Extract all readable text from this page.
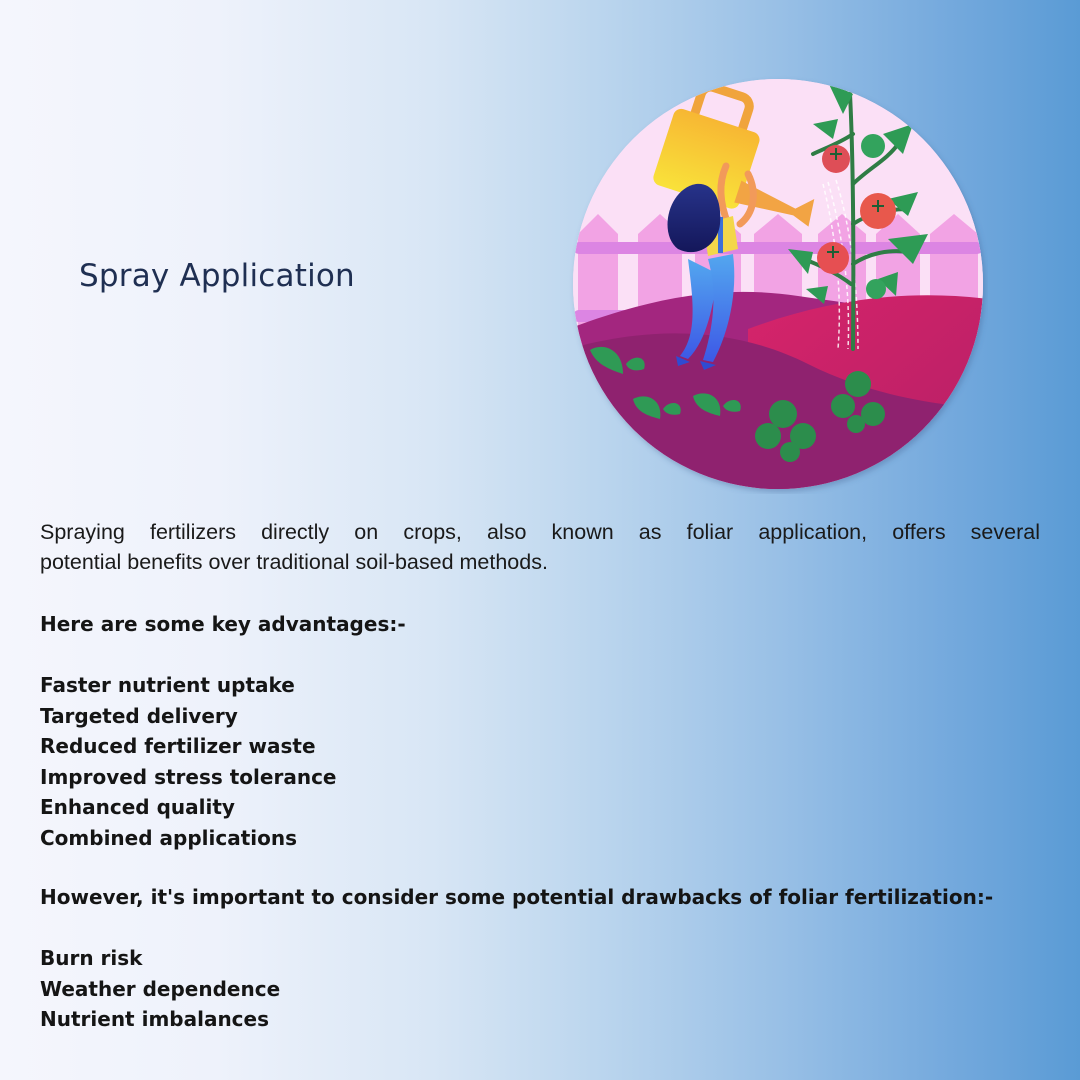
Spray Application
Spraying fertilizers directly on crops, also known as foliar application, offers several
potential benefits over traditional soil-based methods.
Here are some key advantages:-
Faster nutrient uptake
Targeted delivery
Reduced fertilizer waste
Improved stress tolerance
Enhanced quality
Combined applications
However, it's important to consider some potential drawbacks of foliar fertilization:-
Burn risk
Weather dependence
Nutrient imbalances
